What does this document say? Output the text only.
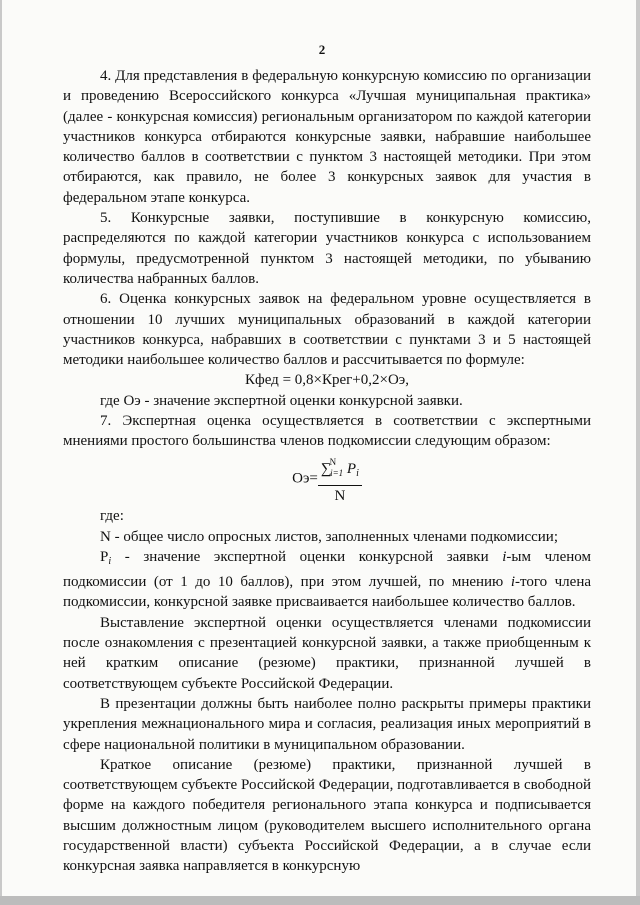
2

4. Для представления в федеральную конкурсную комиссию по организации и проведению Всероссийского конкурса «Лучшая муниципальная практика» (далее - конкурсная комиссия) региональным организатором по каждой категории участников конкурса отбираются конкурсные заявки, набравшие наибольшее количество баллов в соответствии с пунктом 3 настоящей методики. При этом отбираются, как правило, не более 3 конкурсных заявок для участия в федеральном этапе конкурса.

5. Конкурсные заявки, поступившие в конкурсную комиссию, распределяются по каждой категории участников конкурса с использованием формулы, предусмотренной пунктом 3 настоящей методики, по убыванию количества набранных баллов.

6. Оценка конкурсных заявок на федеральном уровне осуществляется в отношении 10 лучших муниципальных образований в каждой категории участников конкурса, набравших в соответствии с пунктами 3 и 5 настоящей методики наибольшее количество баллов и рассчитывается по формуле:

Кфед = 0,8×Крег+0,2×Оэ,

где Оэ - значение экспертной оценки конкурсной заявки.

7. Экспертная оценка осуществляется в соответствии с экспертными мнениями простого большинства членов подкомиссии следующим образом:

$Оэ= \frac{\sum^N_{i=1} P_i}{N}$

где:

N - общее число опросных листов, заполненных членами подкомиссии;

$P_i$ - значение экспертной оценки конкурсной заявки i-ым членом подкомиссии (от 1 до 10 баллов), при этом лучшей, по мнению i-того члена подкомиссии, конкурсной заявке присваивается наибольшее количество баллов.

Выставление экспертной оценки осуществляется членами подкомиссии после ознакомления с презентацией конкурсной заявки, а также приобщенным к ней кратким описание (резюме) практики, признанной лучшей в соответствующем субъекте Российской Федерации.

В презентации должны быть наиболее полно раскрыты примеры практики укрепления межнационального мира и согласия, реализация иных мероприятий в сфере национальной политики в муниципальном образовании.

Краткое описание (резюме) практики, признанной лучшей в соответствующем субъекте Российской Федерации, подготавливается в свободной форме на каждого победителя регионального этапа конкурса и подписывается высшим должностным лицом (руководителем высшего исполнительного органа государственной власти) субъекта Российской Федерации, а в случае если конкурсная заявка направляется в конкурсную
